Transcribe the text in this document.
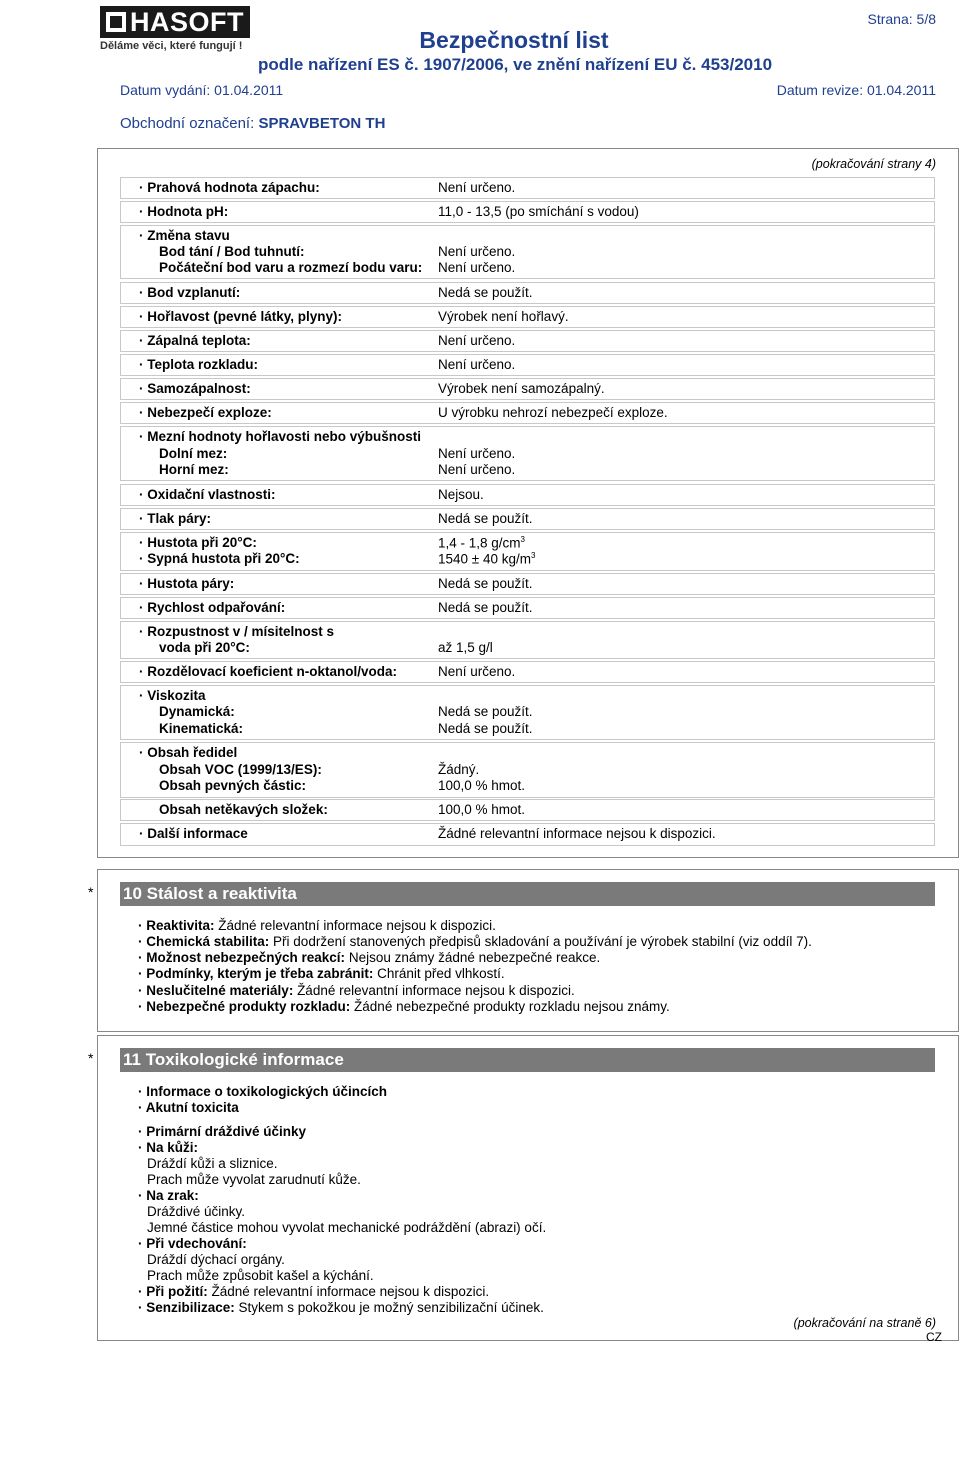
HASOFT
Děláme věci, které fungují !	Bezpečnostní list
podle nařízení ES č. 1907/2006, ve znění nařízení EU č. 453/2010
Strana: 5/8
Datum vydání: 01.04.2011	Datum revize: 01.04.2011
Obchodní označení: SPRAVBETON TH
(pokračování strany 4)
· Prahová hodnota zápachu:	Není určeno.
· Hodnota pH:	11,0 - 13,5 (po smíchání s vodou)
· Změna stavu
Bod tání / Bod tuhnutí:	Není určeno.
Počáteční bod varu a rozmezí bodu varu: Není určeno.
· Bod vzplanutí:	Nedá se použít.
· Hořlavost (pevné látky, plyny):	Výrobek není hořlavý.
· Zápalná teplota:	Není určeno.
· Teplota rozkladu:	Není určeno.
· Samozápalnost:	Výrobek není samozápalný.
· Nebezpečí exploze:	U výrobku nehrozí nebezpečí exploze.
· Mezní hodnoty hořlavosti nebo výbušnosti
Dolní mez:	Není určeno.
Horní mez:	Není určeno.
· Oxidační vlastnosti:	Nejsou.
· Tlak páry:	Nedá se použít.
· Hustota při 20°C:	1,4 - 1,8 $g/cm^3$
· Sypná hustota při 20°C:	1540 ± 40 $kg/m^3$
· Hustota páry:	Nedá se použít.
· Rychlost odpařování:	Nedá se použít.
· Rozpustnost v / mísitelnost s
voda při 20°C:	až 1,5 g/l
· Rozdělovací koeficient n-oktanol/voda:	Není určeno.
· Viskozita
Dynamická:	Nedá se použít.
Kinematická:	Nedá se použít.
· Obsah ředidel
Obsah VOC (1999/13/ES):	Žádný.
Obsah pevných částic:	100,0 % hmot.
Obsah netěkavých složek:	100,0 % hmot.
· Další informace	Žádné relevantní informace nejsou k dispozici.
* 10 Stálost a reaktivita
· Reaktivita: Žádné relevantní informace nejsou k dispozici.
· Chemická stabilita: Při dodržení stanovených předpisů skladování a používání je výrobek stabilní (viz oddíl 7).
· Možnost nebezpečných reakcí: Nejsou známy žádné nebezpečné reakce.
· Podmínky, kterým je třeba zabránit: Chránit před vlhkostí.
· Neslučitelné materiály: Žádné relevantní informace nejsou k dispozici.
· Nebezpečné produkty rozkladu: Žádné nebezpečné produkty rozkladu nejsou známy.
* 11 Toxikologické informace
· Informace o toxikologických účincích
· Akutní toxicita
· Primární dráždivé účinky
· Na kůži:
Dráždí kůži a sliznice.
Prach může vyvolat zarudnutí kůže.
· Na zrak:
Dráždivé účinky.
Jemné částice mohou vyvolat mechanické podráždění (abrazi) očí.
· Při vdechování:
Dráždí dýchací orgány.
Prach může způsobit kašel a kýchání.
· Při požití: Žádné relevantní informace nejsou k dispozici.
· Senzibilizace: Stykem s pokožkou je možný senzibilizační účinek.
(pokračování na straně 6)
CZ
